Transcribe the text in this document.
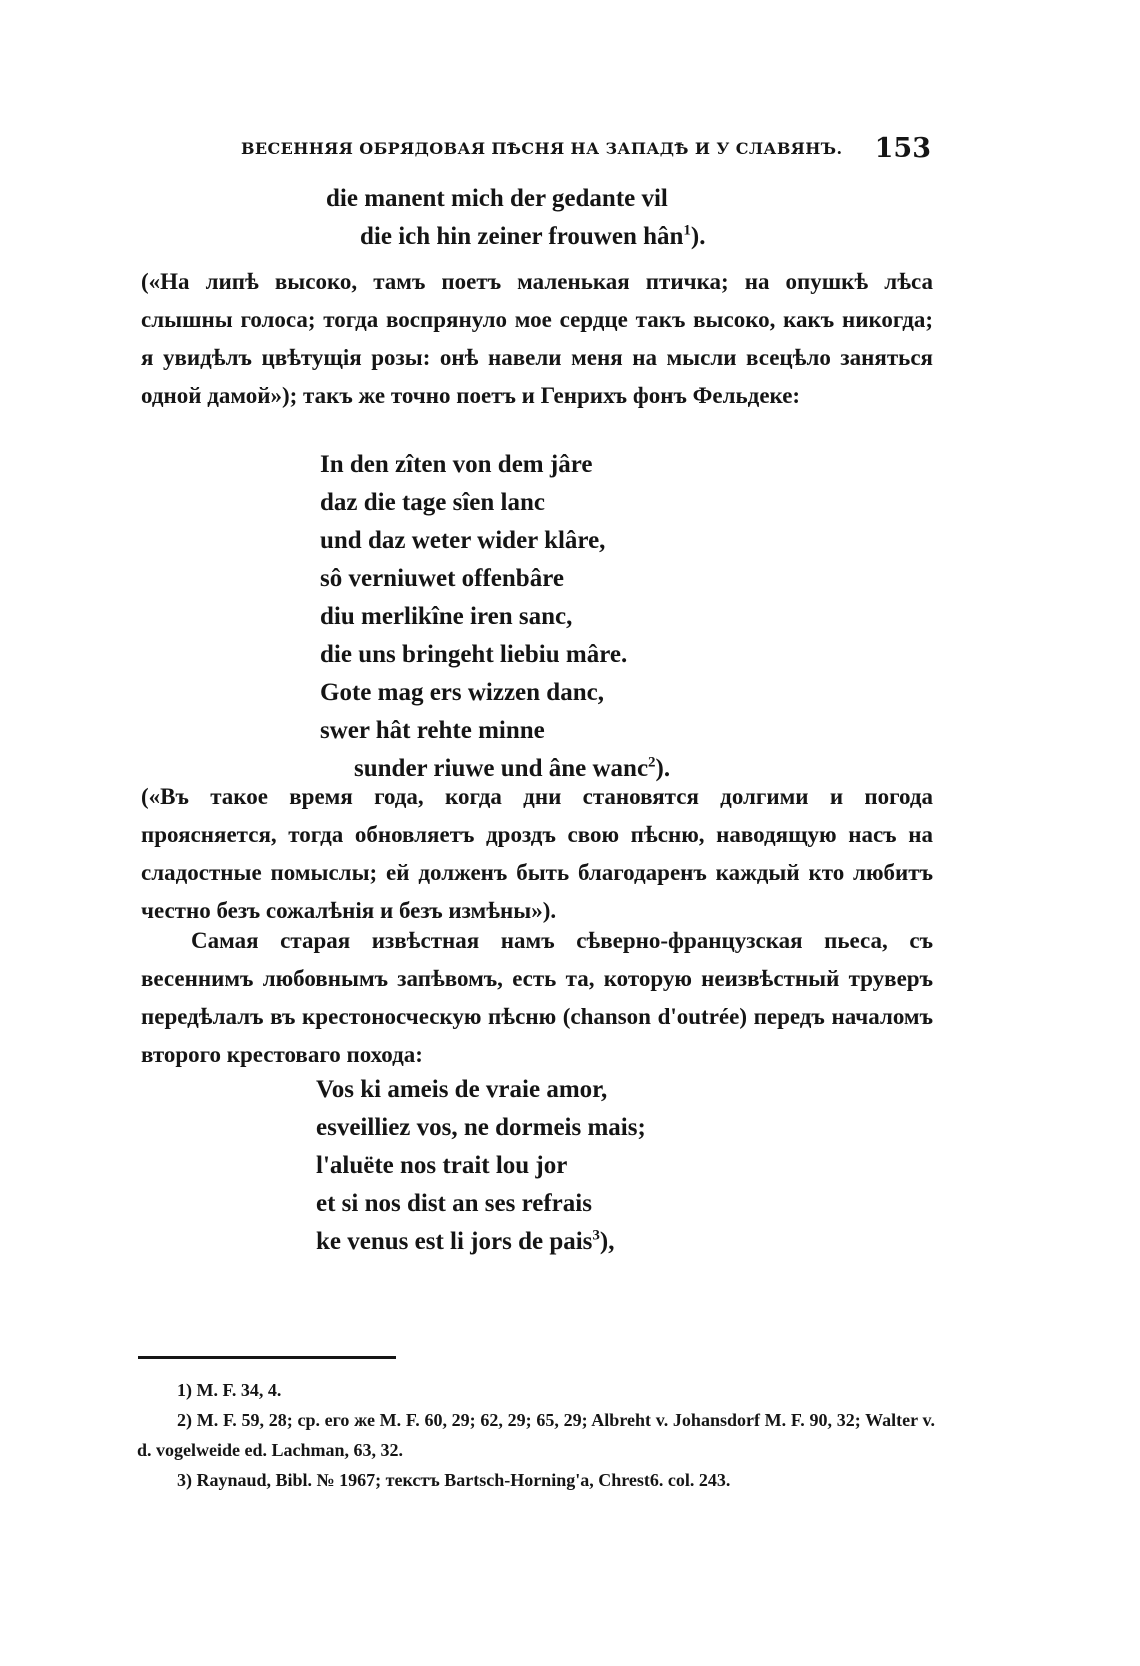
ВЕСЕННЯЯ ОБРЯДОВАЯ ПѢСНЯ НА ЗАПАДѢ И У СЛАВЯНЪ. 153
die manent mich der gedante vil
die ich hin zeiner frouwen hân$^1$).

(«На липѣ высоко, тамъ поетъ маленькая птичка; на опушкѣ лѣса слышны голоса; тогда воспрянуло мое сердце такъ высоко, какъ никогда; я увидѣлъ цвѣтущія розы: онѣ навели меня на мысли всецѣло заняться одной дамой»); такъ же точно поетъ и Генрихъ фонъ Фельдеке:

In den zîten von dem jâre
daz die tage sîen lanc
und daz weter wider klâre,
sô verniuwet offenbâre
diu merlikîne iren sanc,
die uns bringeht liebiu mâre.
Gote mag ers wizzen danc,
swer hât rehte minne
sunder riuwe und âne wanc$^2$).

(«Въ такое время года, когда дни становятся долгими и погода проясняется, тогда обновляетъ дроздъ свою пѣсню, наводящую насъ на сладостные помыслы; ей долженъ быть благодаренъ каждый кто любитъ честно безъ сожалѣнія и безъ измѣны»).

Самая старая извѣстная намъ сѣверно-французская пьеса, съ весеннимъ любовнымъ запѣвомъ, есть та, которую неизвѣстный труверъ передѣлалъ въ крестоносческую пѣсню (chanson d'outrée) передъ началомъ второго крестоваго похода:

Vos ki ameis de vraie amor,
esveilliez vos, ne dormeis mais;
l'aluëte nos trait lou jor
et si nos dist an ses refrais
ke venus est li jors de pais$^3$),
1) M. F. 34, 4.
2) M. F. 59, 28; ср. его же M. F. 60, 29; 62, 29; 65, 29; Albreht v. Johansdorf M. F. 90, 32; Walter v. d. vogelweide ed. Lachman, 63, 32.
3) Raynaud, Bibl. № 1967; текстъ Bartsch-Horning'a, Chrest6. col. 243.
